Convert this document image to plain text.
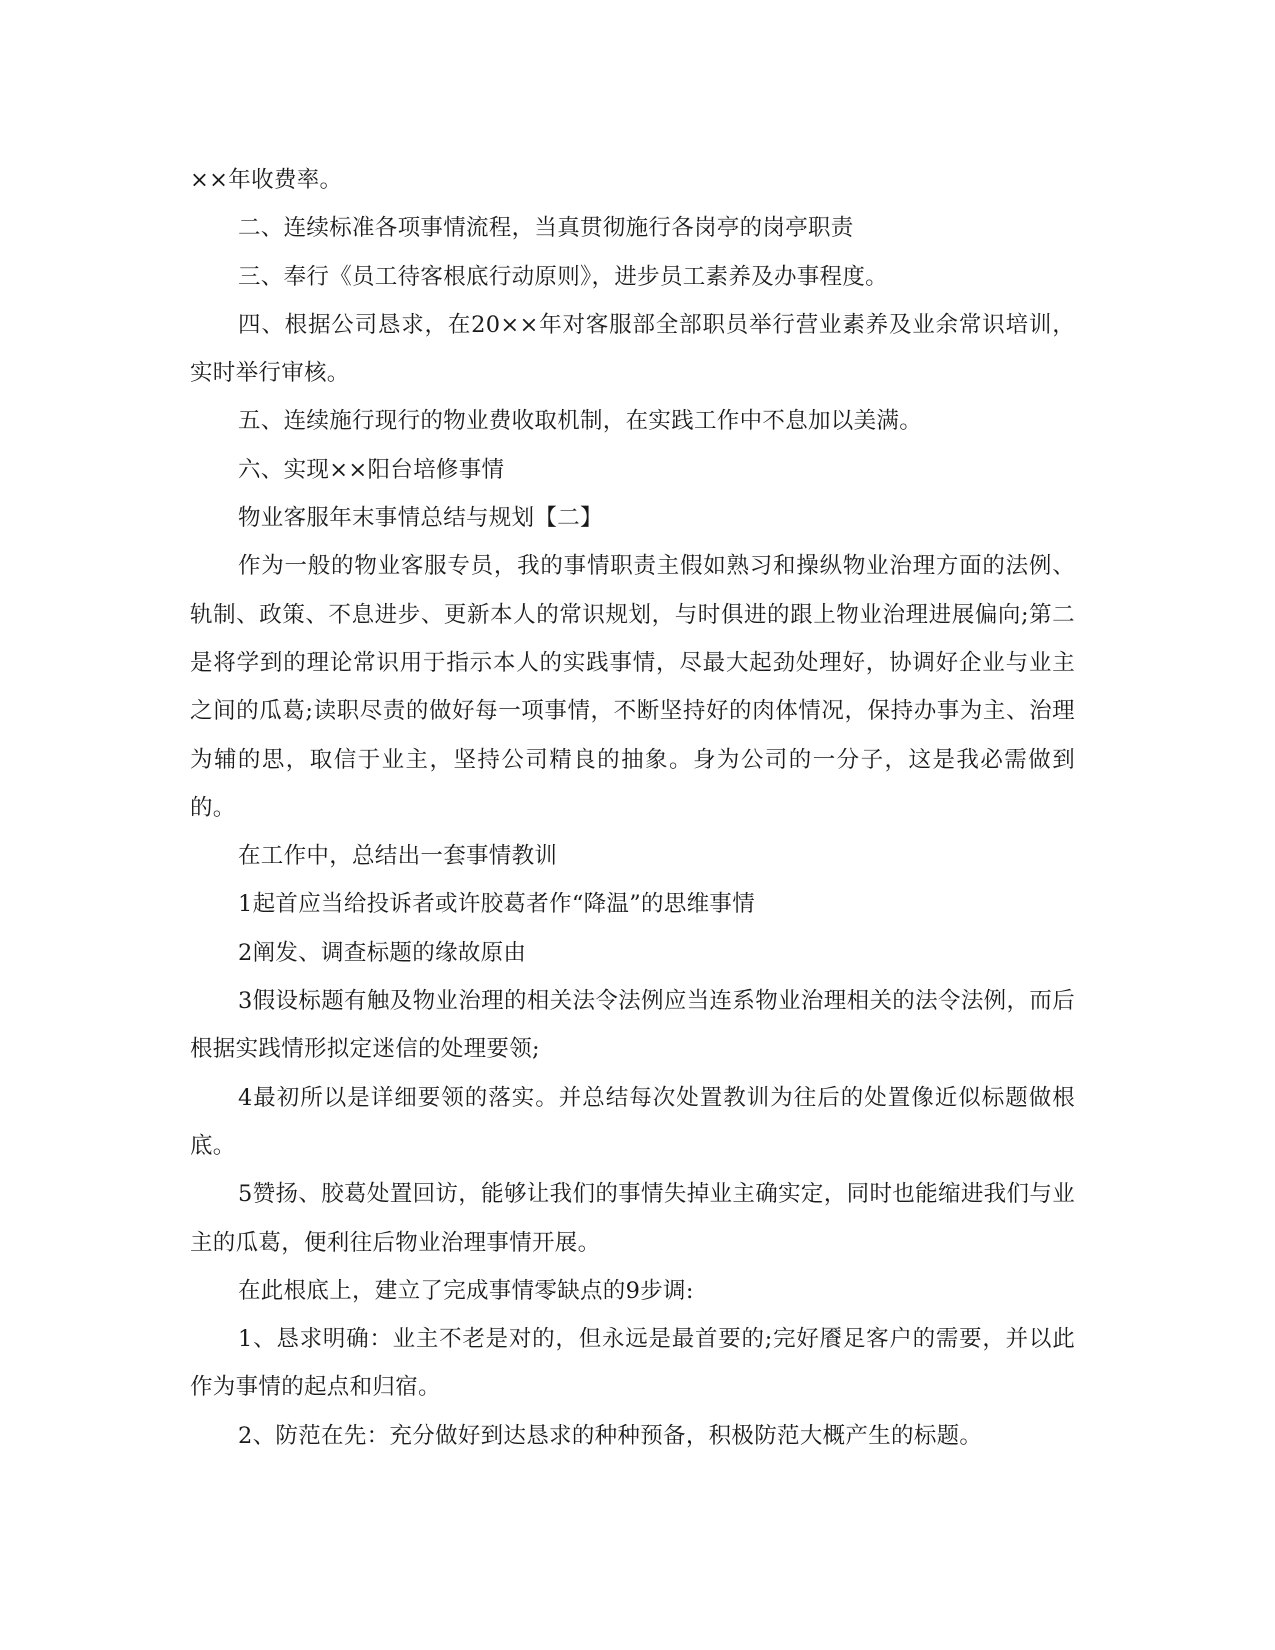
××年收费率。

二、连续标准各项事情流程，当真贯彻施行各岗亭的岗亭职责

三、奉行《员工待客根底行动原则》，进步员工素养及办事程度。

四、根据公司恳求，在20××年对客服部全部职员举行营业素养及业余常识培训，实时举行审核。

五、连续施行现行的物业费收取机制，在实践工作中不息加以美满。

六、实现××阳台培修事情

物业客服年末事情总结与规划【二】

作为一般的物业客服专员，我的事情职责主假如熟习和操纵物业治理方面的法例、轨制、政策、不息进步、更新本人的常识规划，与时俱进的跟上物业治理进展偏向;第二是将学到的理论常识用于指示本人的实践事情，尽最大起劲处理好，协调好企业与业主之间的瓜葛;读职尽责的做好每一项事情，不断坚持好的肉体情况，保持办事为主、治理为辅的思，取信于业主，坚持公司精良的抽象。身为公司的一分子，这是我必需做到的。

在工作中，总结出一套事情教训

1起首应当给投诉者或许胶葛者作“降温”的思维事情

2阐发、调查标题的缘故原由

3假设标题有触及物业治理的相关法令法例应当连系物业治理相关的法令法例，而后根据实践情形拟定迷信的处理要领;

4最初所以是详细要领的落实。并总结每次处置教训为往后的处置像近似标题做根底。

5赞扬、胶葛处置回访，能够让我们的事情失掉业主确实定，同时也能缩进我们与业主的瓜葛，便利往后物业治理事情开展。

在此根底上，建立了完成事情零缺点的9步调:

1、恳求明确：业主不老是对的，但永远是最首要的;完好餍足客户的需要，并以此作为事情的起点和归宿。

2、防范在先：充分做好到达恳求的种种预备，积极防范大概产生的标题。
